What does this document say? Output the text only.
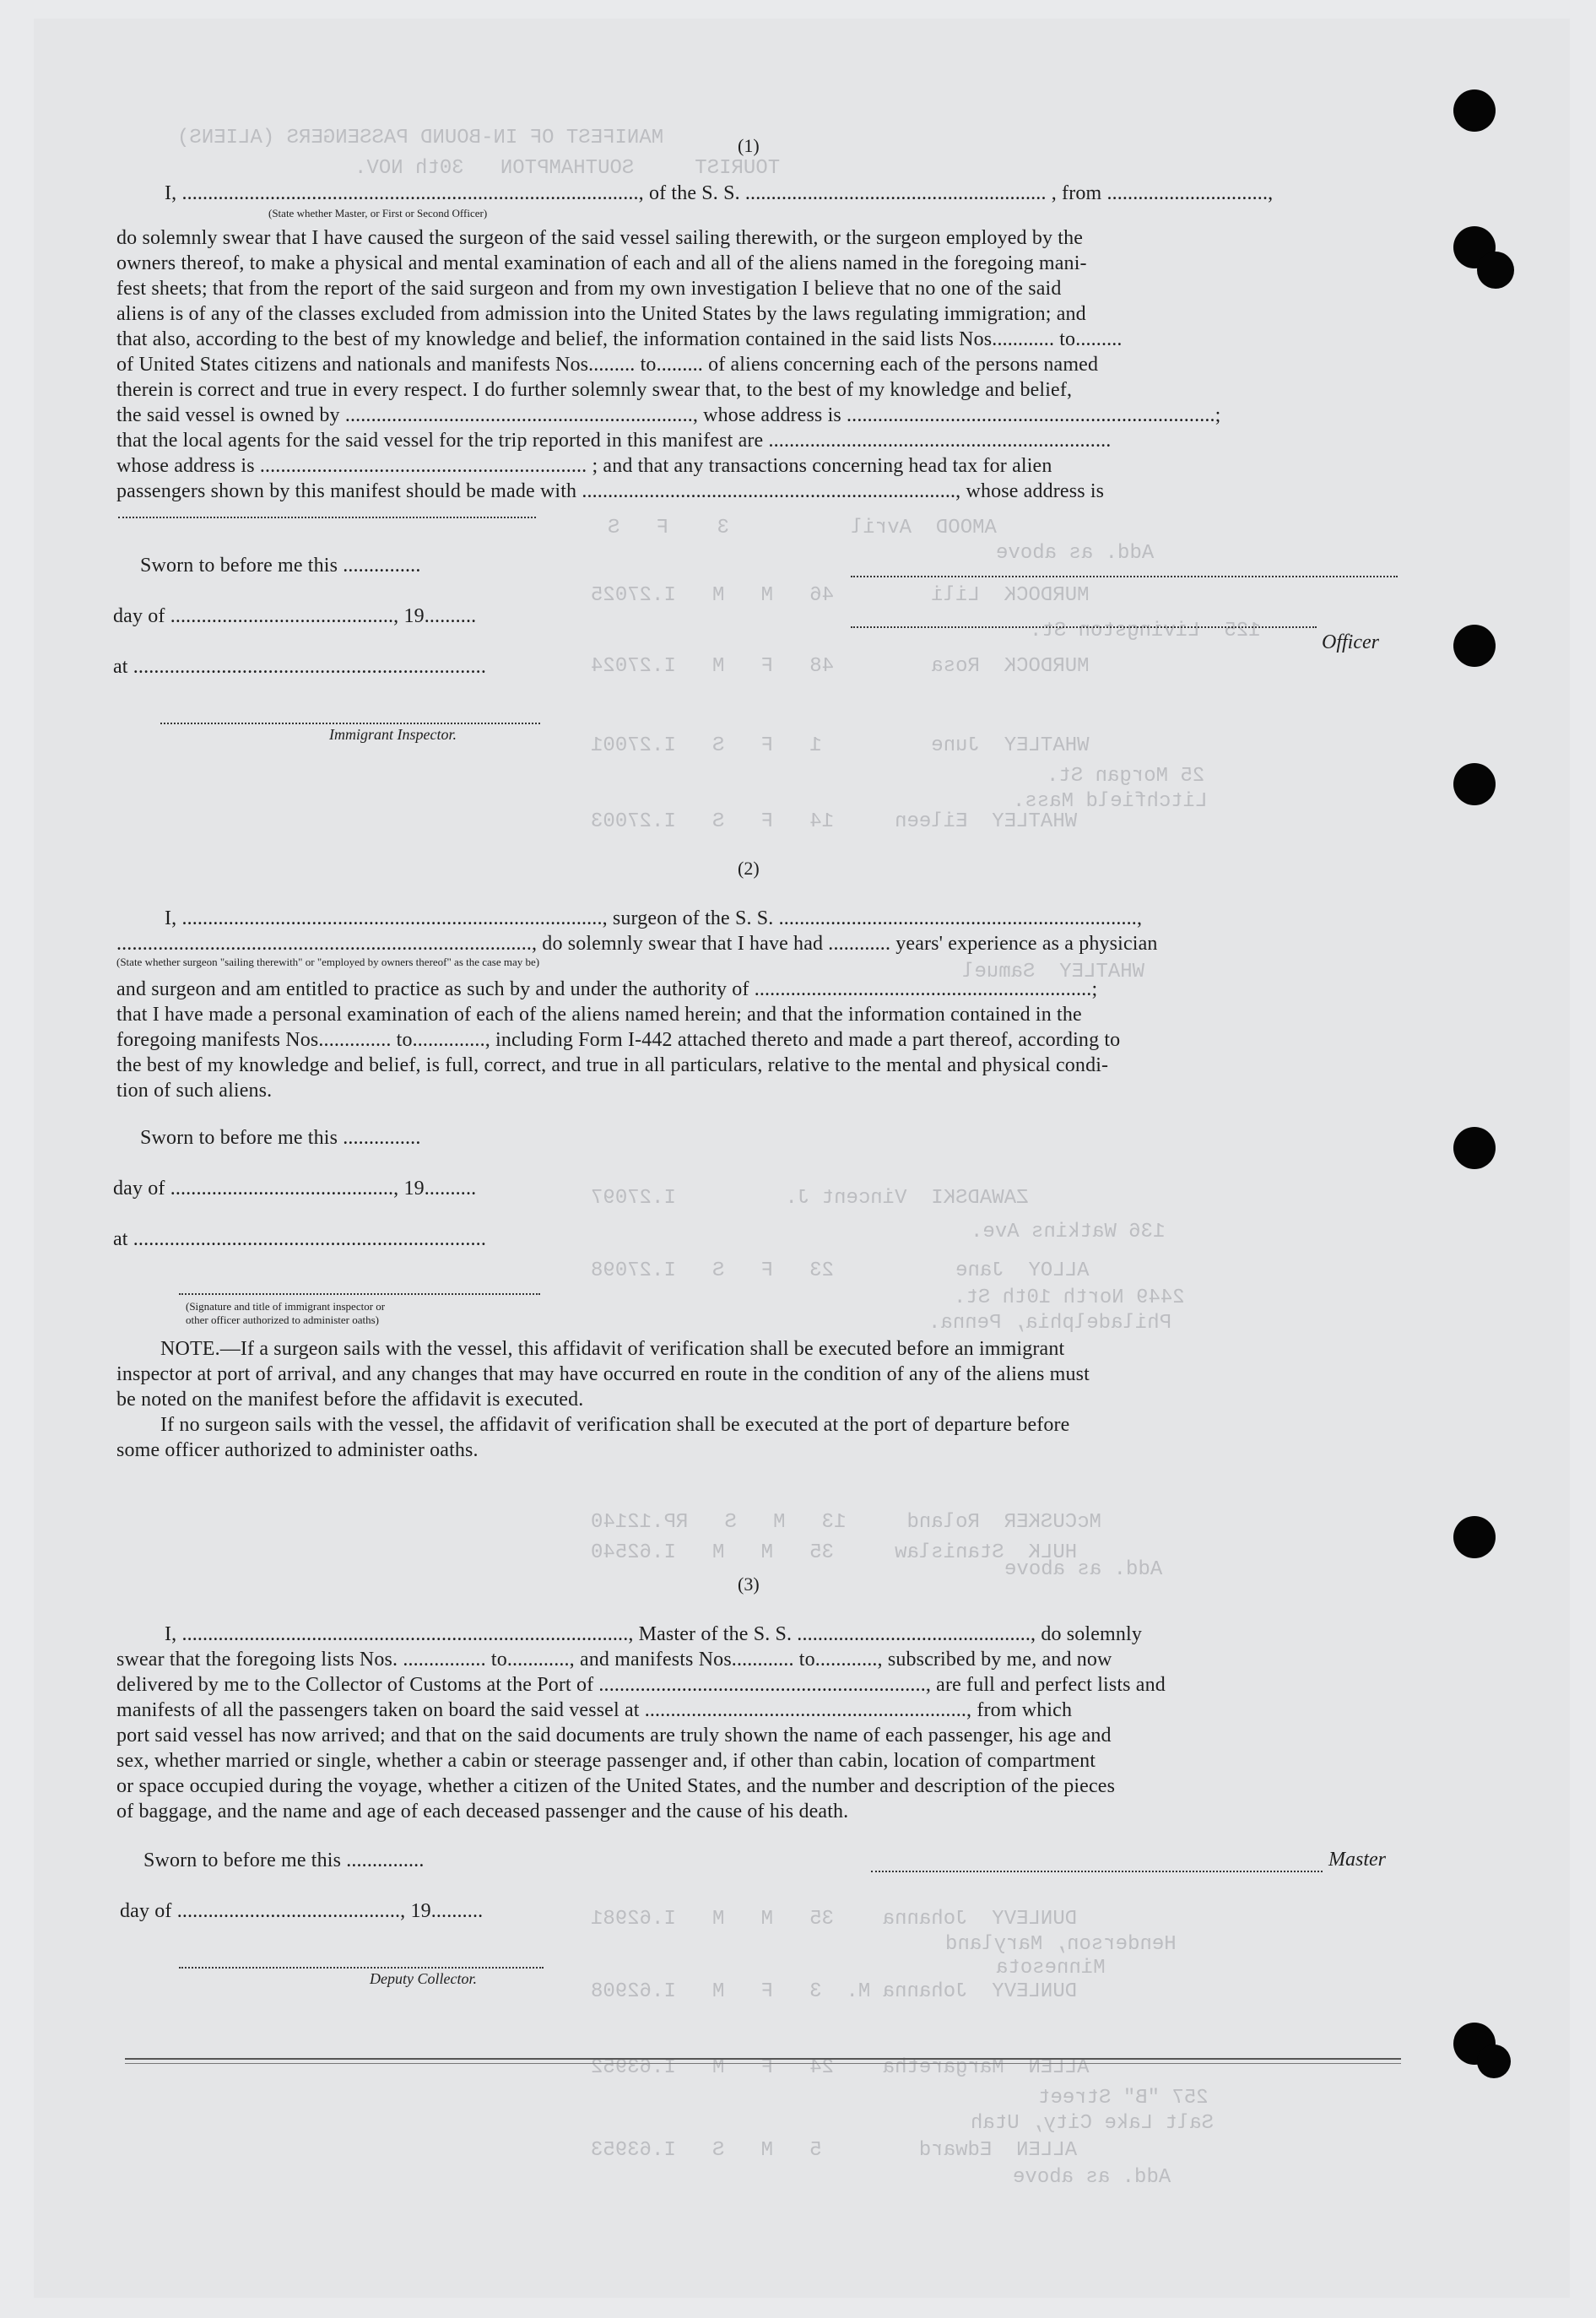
MANIFEST OF IN-BOUND PASSENGERS (ALIENS)
TOURIST     SOUTHAMPTON   30th NOV.
AMOOD  Avril          3    F   S
Add. as above
MURDOCK  Lili        46   M   M   I.27025
125  Livingston St.
MURDOCK  Rosa        48   F   M   I.27024
WHATLEY  June         1   F   S   I.27001
25 Morgan St.
Litchfield Mass.
WHATLEY  Eileen     14   F   S   I.27003
WHATLEY  Samuel
ZAWADSKI  Vincent J.         I.27097
136 Watkins Ave.
ALLOY  Jane          23   F   S   I.27098
2449 North 10th St.
Philadelphia, Penna.
McCUSKER  Roland     13   M   S   RP.12140
Add. as above
HULK  Stanislaw     35   M   M   I.62540
DUNLEVY  Johanna    35   M   M   I.62981
Henderson, Maryland
Minnesota
DUNLEVY  Johanna M.  3   F   M   I.62908
ALLEN  Margaretha    24   F   M   I.63952
257 "B" Street
Salt Lake City, Utah
ALLEN  Edward        5   M   S   I.63953
Add. as above
(1)
I, ........................................................................................, of the S. S. .......................................................... , from ...............................,
(State whether Master, or First or Second Officer)
do solemnly swear that I have caused the surgeon of the said vessel sailing therewith, or the surgeon employed by the
owners thereof, to make a physical and mental examination of each and all of the aliens named in the foregoing mani-
fest sheets; that from the report of the said surgeon and from my own investigation I believe that no one of the said
aliens is of any of the classes excluded from admission into the United States by the laws regulating immigration; and
that also, according to the best of my knowledge and belief, the information contained in the said lists Nos............ to.........
of United States citizens and nationals and manifests Nos......... to......... of aliens concerning each of the persons named
therein is correct and true in every respect. I do further solemnly swear that, to the best of my knowledge and belief,
the said vessel is owned by ..................................................................., whose address is .......................................................................;
that the local agents for the said vessel for the trip reported in this manifest are ..................................................................
whose address is ............................................................... ; and that any transactions concerning head tax for alien
passengers shown by this manifest should be made with ........................................................................, whose address is
Sworn to before me this ...............
day of ..........................................., 19..........
Officer
at ....................................................................
Immigrant Inspector.
(2)
I, ................................................................................., surgeon of the S. S. .....................................................................,
................................................................................, do solemnly swear that I have had ............ years' experience as a physician
(State whether surgeon "sailing therewith" or "employed by owners thereof" as the case may be)
and surgeon and am entitled to practice as such by and under the authority of .................................................................;
that I have made a personal examination of each of the aliens named herein; and that the information contained in the
foregoing manifests Nos.............. to.............., including Form I-442 attached thereto and made a part thereof, according to
the best of my knowledge and belief, is full, correct, and true in all particulars, relative to the mental and physical condi-
tion of such aliens.
Sworn to before me this ...............
day of ..........................................., 19..........
at ....................................................................
(Signature and title of immigrant inspector or
other officer authorized to administer oaths)
NOTE.—If a surgeon sails with the vessel, this affidavit of verification shall be executed before an immigrant
inspector at port of arrival, and any changes that may have occurred en route in the condition of any of the aliens must
be noted on the manifest before the affidavit is executed.
If no surgeon sails with the vessel, the affidavit of verification shall be executed at the port of departure before
some officer authorized to administer oaths.
(3)
I, ......................................................................................, Master of the S. S. ............................................., do solemnly
swear that the foregoing lists Nos. ................ to............, and manifests Nos............ to............, subscribed by me, and now
delivered by me to the Collector of Customs at the Port of ..............................................................., are full and perfect lists and
manifests of all the passengers taken on board the said vessel at .............................................................., from which
port said vessel has now arrived; and that on the said documents are truly shown the name of each passenger, his age and
sex, whether married or single, whether a cabin or steerage passenger and, if other than cabin, location of compartment
or space occupied during the voyage, whether a citizen of the United States, and the number and description of the pieces
of baggage, and the name and age of each deceased passenger and the cause of his death.
Sworn to before me this ...............	Master
day of ..........................................., 19..........
Deputy Collector.
